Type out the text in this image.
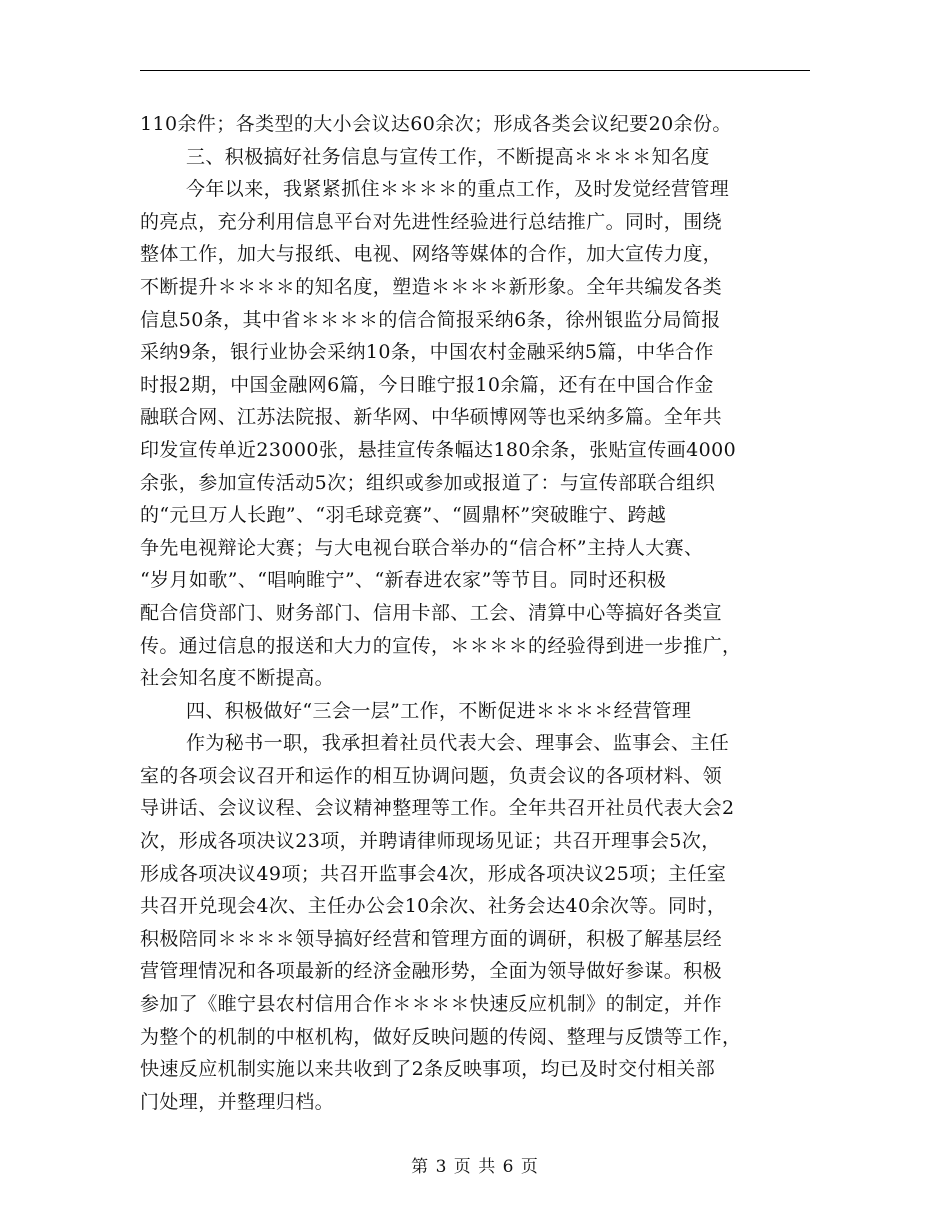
110余件；各类型的大小会议达60余次；形成各类会议纪要20余份。
三、积极搞好社务信息与宣传工作，不断提高＊＊＊＊知名度
今年以来，我紧紧抓住＊＊＊＊的重点工作，及时发觉经营管理
的亮点，充分利用信息平台对先进性经验进行总结推广。同时，围绕
整体工作，加大与报纸、电视、网络等媒体的合作，加大宣传力度，
不断提升＊＊＊＊的知名度，塑造＊＊＊＊新形象。全年共编发各类
信息50条，其中省＊＊＊＊的信合简报采纳6条，徐州银监分局简报
采纳9条，银行业协会采纳10条，中国农村金融采纳5篇，中华合作
时报2期，中国金融网6篇，今日睢宁报10余篇，还有在中国合作金
融联合网、江苏法院报、新华网、中华硕博网等也采纳多篇。全年共
印发宣传单近23000张，悬挂宣传条幅达180余条，张贴宣传画4000
余张，参加宣传活动5次；组织或参加或报道了：与宣传部联合组织
的“元旦万人长跑”、“羽毛球竞赛”、“圆鼎杯”突破睢宁、跨越
争先电视辩论大赛；与大电视台联合举办的“信合杯”主持人大赛、
“岁月如歌”、“唱响睢宁”、“新春进农家”等节目。同时还积极
配合信贷部门、财务部门、信用卡部、工会、清算中心等搞好各类宣
传。通过信息的报送和大力的宣传，＊＊＊＊的经验得到进一步推广，
社会知名度不断提高。
四、积极做好“三会一层”工作，不断促进＊＊＊＊经营管理
作为秘书一职，我承担着社员代表大会、理事会、监事会、主任
室的各项会议召开和运作的相互协调问题，负责会议的各项材料、领
导讲话、会议议程、会议精神整理等工作。全年共召开社员代表大会2
次，形成各项决议23项，并聘请律师现场见证；共召开理事会5次，
形成各项决议49项；共召开监事会4次，形成各项决议25项；主任室
共召开兑现会4次、主任办公会10余次、社务会达40余次等。同时，
积极陪同＊＊＊＊领导搞好经营和管理方面的调研，积极了解基层经
营管理情况和各项最新的经济金融形势，全面为领导做好参谋。积极
参加了《睢宁县农村信用合作＊＊＊＊快速反应机制》的制定，并作
为整个的机制的中枢机构，做好反映问题的传阅、整理与反馈等工作，
快速反应机制实施以来共收到了2条反映事项，均已及时交付相关部
门处理，并整理归档。
第 3 页 共 6 页
